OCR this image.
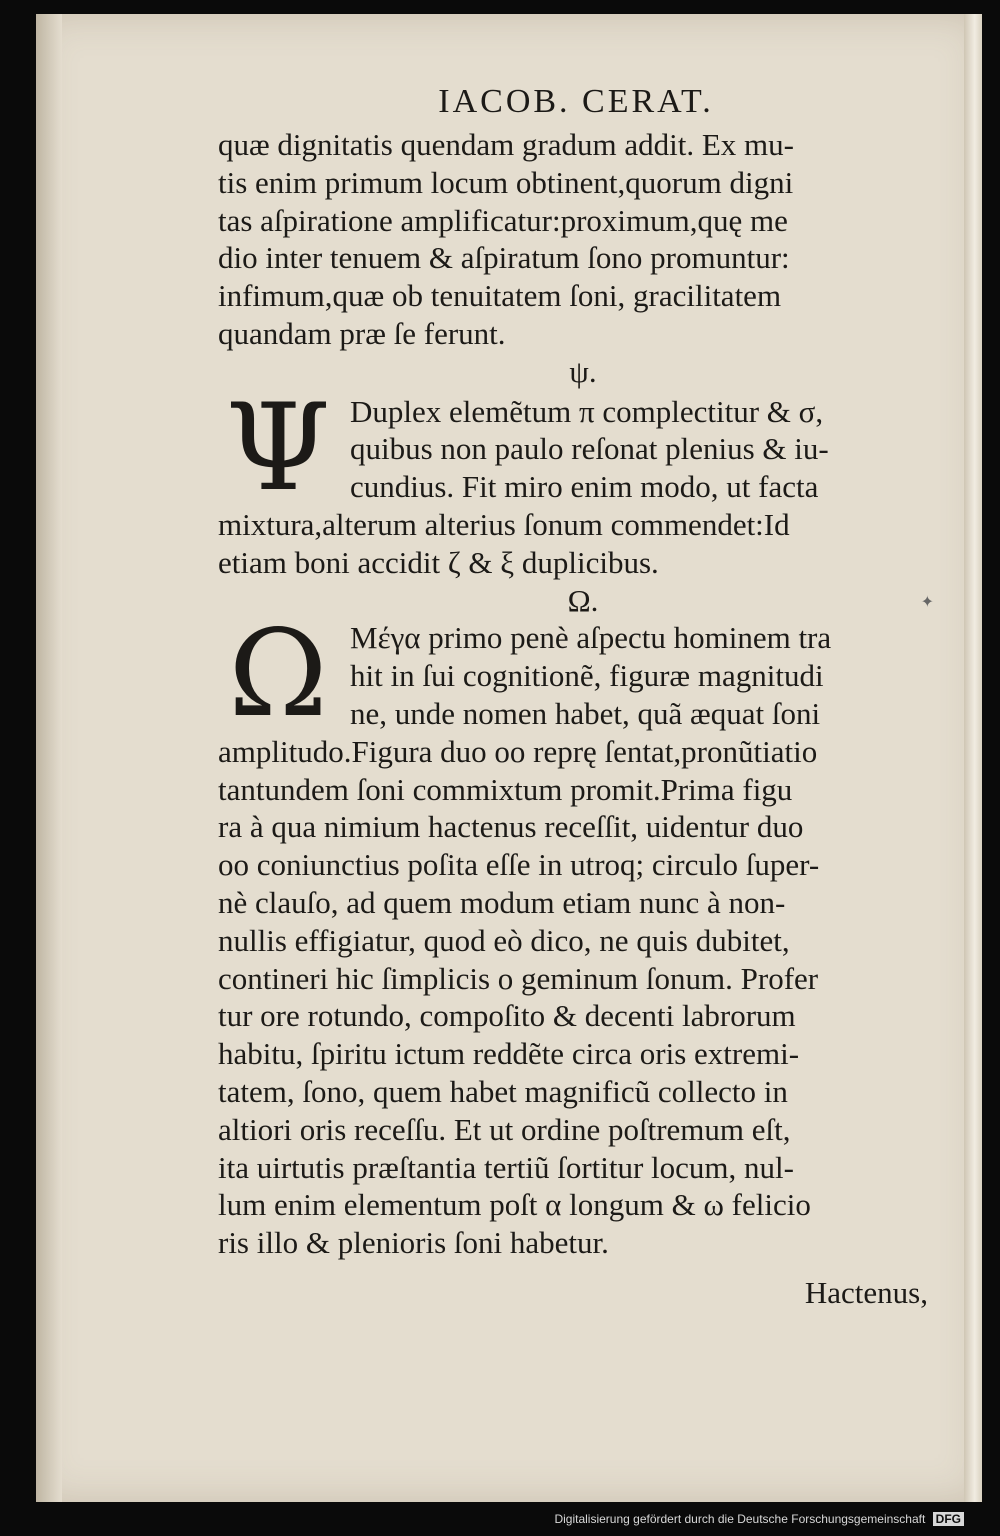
✦
IACOB. CERAT.
quæ dignitatis quendam gradum addit. Ex mu-
tis enim primum locum obtinent,quorum digni
tas aſpiratione amplificatur:proximum,quę me
dio inter tenuem & aſpiratum ſono promuntur:
infimum,quæ ob tenuitatem ſoni, gracilitatem
quandam præ ſe ferunt.
ψ.
Ψ Duplex elemẽtum π complectitur & σ,
quibus non paulo reſonat plenius & iu-
cundius. Fit miro enim modo, ut facta
mixtura,alterum alterius ſonum commendet:Id
etiam boni accidit ζ & ξ duplicibus.
Ω.
Ω Μέγα primo penè aſpectu hominem tra
hit in ſui cognitionẽ, figuræ magnitudi
ne, unde nomen habet, quã æquat ſoni
amplitudo.Figura duo οο reprę ſentat,pronũtiatio
tantundem ſoni commixtum promit.Prima figu
ra à qua nimium hactenus receſſit, uidentur duo
οο coniunctius poſita eſſe in utroq; circulo ſuper-
nè clauſo, ad quem modum etiam nunc à non-
nullis effigiatur, quod eò dico, ne quis dubitet,
contineri hic ſimplicis ο geminum ſonum. Profer
tur ore rotundo, compoſito & decenti labrorum
habitu, ſpiritu ictum reddẽte circa oris extremi-
tatem, ſono, quem habet magnificũ collecto in
altiori oris receſſu. Et ut ordine poſtremum eſt,
ita uirtutis præſtantia tertiũ ſortitur locum, nul-
lum enim elementum poſt α longum & ω felicio
ris illo & plenioris ſoni habetur.
Hactenus,
Digitalisierung gefördert durch die Deutsche Forschungsgemeinschaft DFG
